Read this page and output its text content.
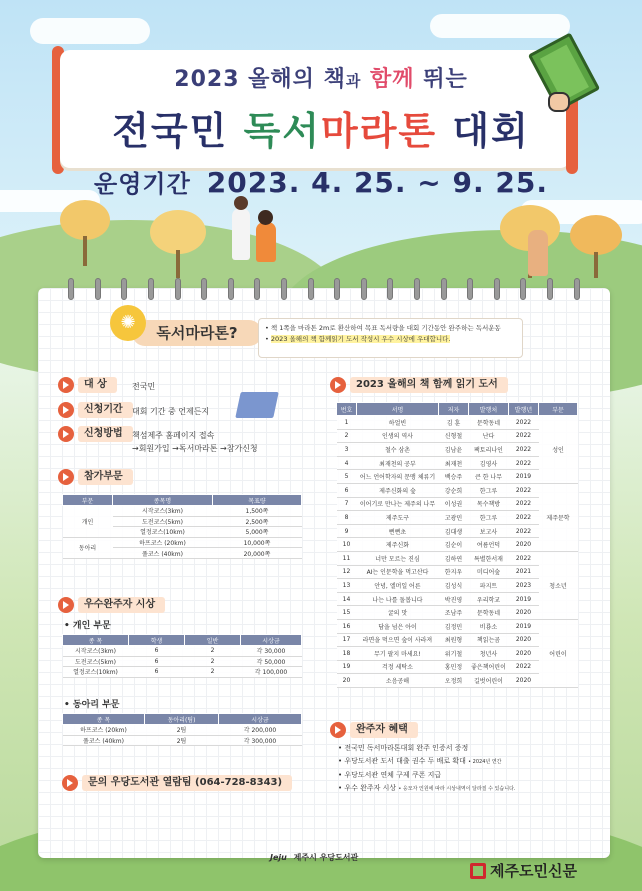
2023 올해의 책과 함께 뛰는
전국민 독서마라톤 대회
운영기간 2023. 4. 25. ~ 9. 25.
독서마라톤?
✺	• 책 1쪽을 마라톤 2m로 환산하여 목표 독서량을 대회 기간동안 완주하는 독서운동
• 2023 올해의 책 함께읽기 도서 작성시 우수 시상에 우대합니다.
대 상	전국민
신청기간	대회 기간 중 언제든지
신청방법	책섬제주 홈페이지 접속
→회원가입 →독서마라톤 →참가신청
참가부문
부문	종목명	목표량
개인	시작코스(3km)	1,500쪽
	도전코스(5km)	2,500쪽
	열정코스(10km)	5,000쪽
동아리	하프코스 (20km)	10,000쪽
	풀코스 (40km)	20,000쪽
우수완주자 시상
• 개인 부문
종 목	학생	일반	시상금
시작코스(3km)	6	2	각 30,000
도전코스(5km)	6	2	각 50,000
열정코스(10km)	6	2	각 100,000
• 동아리 부문
종 목	동아리(팀)	시상금
하프코스 (20km)	2팀	각 200,000
풀코스 (40km)	2팀	각 300,000
문의 우당도서관 열람팀 (064-728-8343)
2023 올해의 책 함께 읽기 도서
번호	서명	저자	발행처	발행년	부문
1	하얼빈	김 훈	문학동네	2022	성인
2	인생의 역사	신형철	난다	2022	
3	철수 삼촌	김남윤	팩토리나인	2022	
4	최재천의 공부	최재천	김영사	2022	
5	어느 언어학자의 문맹 체류기	백승주	큰 한 나무	2019	
6	제주신화의 숲	강순희	한그루	2022	제주문학
7	이어기로 만나는 제주의 나무	이성권	목수책방	2022	
8	제주도구	고광민	한그루	2022	
9	뻔뻔초	김대생	보고사	2022	
10	제주신화	김순이	여름언덕	2020	
11	너만 모르는 진심	김하연	특별한서재	2022	청소년
12	AI는 인문학을 먹고산다	한지우	미디어숲	2021	
13	안녕, 엘머일 어른	김성식	파지트	2023	
14	나는 나를 돌봅니다	박진영	우리학교	2019	
15	굴의 맛	조남주	문학동네	2020	
16	담을 넘은 아이	김정민	비룡소	2019	어린이
17	라면을 먹으면 숲이 사라져	최원형	책읽는곰	2020	
18	무기 팔지 마세요!	위기철	청년사	2020	
19	걱정 세탁소	홍민정	좋은책어린이	2022	
20	소음공해	오정희	길벗어린이	2020	
완주자 혜택
• 전국민 독서마라톤대회 완주 인증서 증정
• 우당도서관 도서 대출 권수 두 배로 확대 • 2024년 연간
• 우당도서관 연체 구제 쿠폰 지급
• 우수 완주자 시상 • 응모자 인원에 따라 시상내역이 달라질 수 있습니다.
Jeju 제주시 우당도서관
제주도민신문
